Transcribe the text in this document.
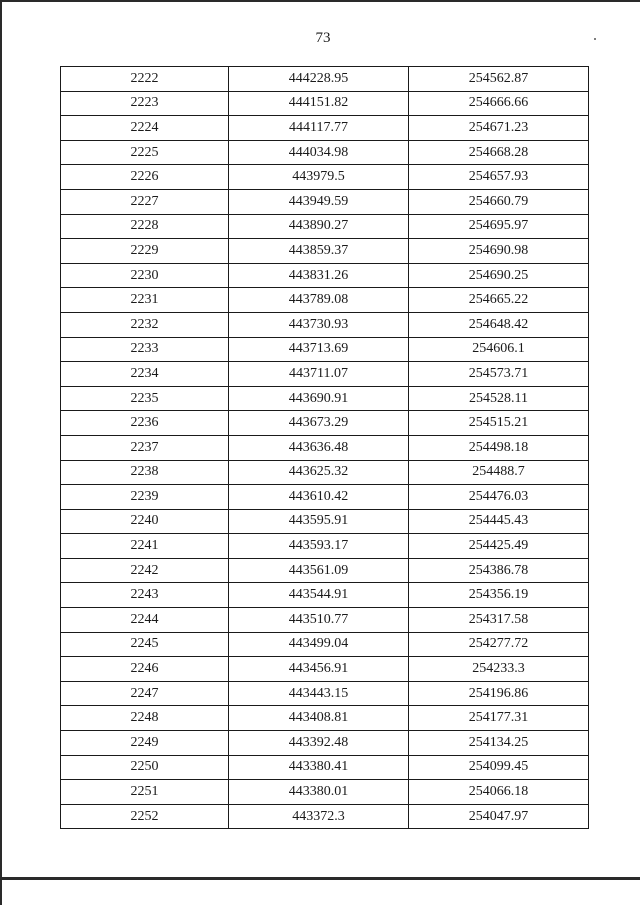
73
2222	444228.95	254562.87
2223	444151.82	254666.66
2224	444117.77	254671.23
2225	444034.98	254668.28
2226	443979.5	254657.93
2227	443949.59	254660.79
2228	443890.27	254695.97
2229	443859.37	254690.98
2230	443831.26	254690.25
2231	443789.08	254665.22
2232	443730.93	254648.42
2233	443713.69	254606.1
2234	443711.07	254573.71
2235	443690.91	254528.11
2236	443673.29	254515.21
2237	443636.48	254498.18
2238	443625.32	254488.7
2239	443610.42	254476.03
2240	443595.91	254445.43
2241	443593.17	254425.49
2242	443561.09	254386.78
2243	443544.91	254356.19
2244	443510.77	254317.58
2245	443499.04	254277.72
2246	443456.91	254233.3
2247	443443.15	254196.86
2248	443408.81	254177.31
2249	443392.48	254134.25
2250	443380.41	254099.45
2251	443380.01	254066.18
2252	443372.3	254047.97
